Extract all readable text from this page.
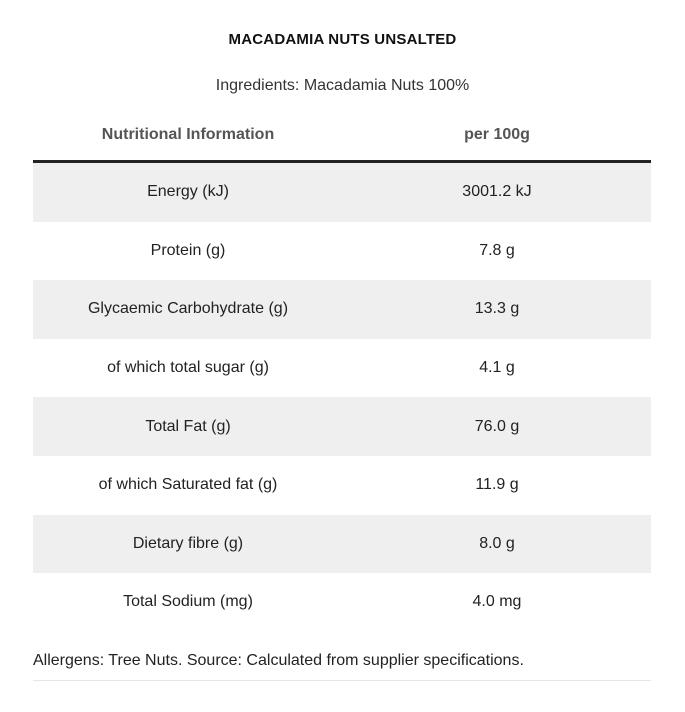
MACADAMIA NUTS UNSALTED
Ingredients: Macadamia Nuts 100%
Nutritional Information	per 100g
Energy (kJ)	3001.2 kJ
Protein (g)	7.8 g
Glycaemic Carbohydrate (g)	13.3 g
of which total sugar (g)	4.1 g
Total Fat (g)	76.0 g
of which Saturated fat (g)	11.9 g
Dietary fibre (g)	8.0 g
Total Sodium (mg)	4.0 mg
Allergens: Tree Nuts. Source: Calculated from supplier specifications.
